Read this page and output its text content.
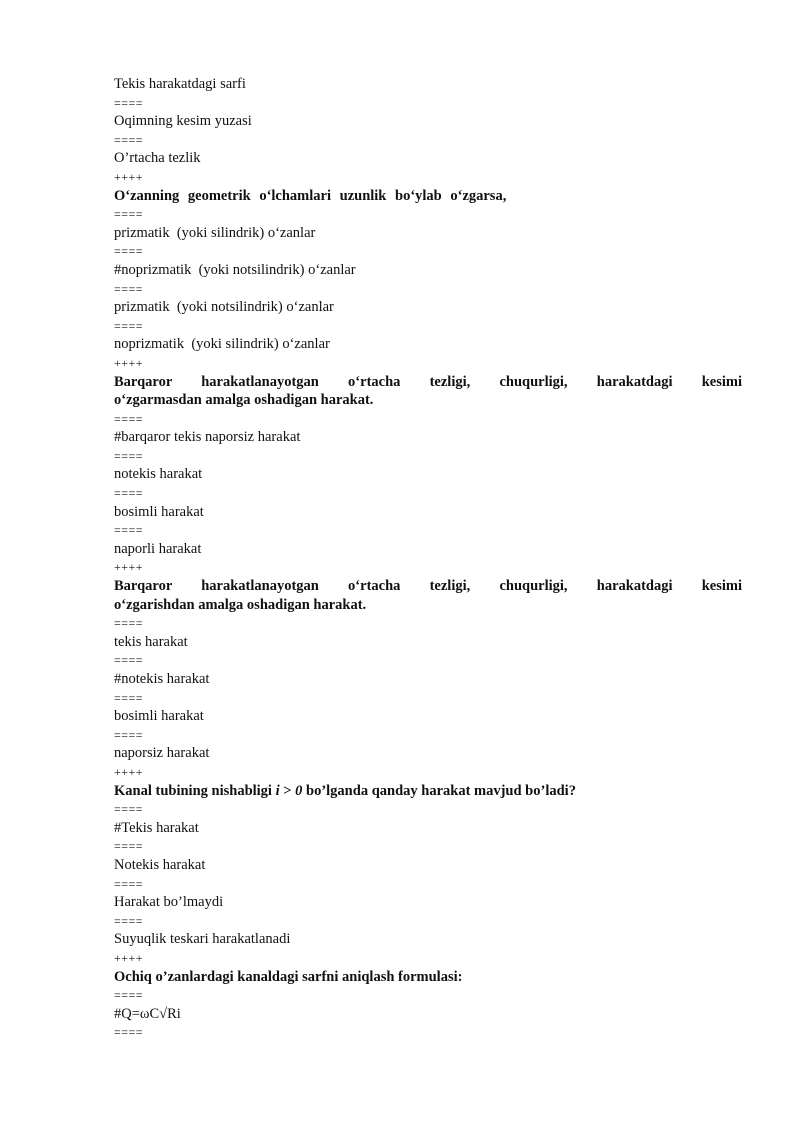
Tekis harakatdagi sarfi

====

Oqimning kesim yuzasi

====

O’rtacha tezlik

++++

O‘zanning geometrik o‘lchamlari uzunlik bo‘ylab o‘zgarsa,

====

prizmatik  (yoki silindrik) o‘zanlar

====

#noprizmatik  (yoki notsilindrik) o‘zanlar

====

prizmatik  (yoki notsilindrik) o‘zanlar

====

noprizmatik  (yoki silindrik) o‘zanlar

++++

Barqaror harakatlanayotgan o‘rtacha tezligi, chuqurligi, harakatdagi kesimi

o‘zgarmasdan amalga oshadigan harakat.

====

#barqaror tekis naporsiz harakat

====

notekis harakat

====

bosimli harakat

====

naporli harakat

++++

Barqaror harakatlanayotgan o‘rtacha tezligi, chuqurligi, harakatdagi kesimi

o‘zgarishdan amalga oshadigan harakat.

====

tekis harakat

====

#notekis harakat

====

bosimli harakat

====

naporsiz harakat

++++

Kanal tubining nishabligi i > 0 bo’lganda qanday harakat mavjud bo’ladi?

====

#Tekis harakat

====

Notekis harakat

====

Harakat bo’lmaydi

====

Suyuqlik teskari harakatlanadi

++++

Ochiq o’zanlardagi kanaldagi sarfni aniqlash formulasi:

====

#Q=ωC√Ri

====
